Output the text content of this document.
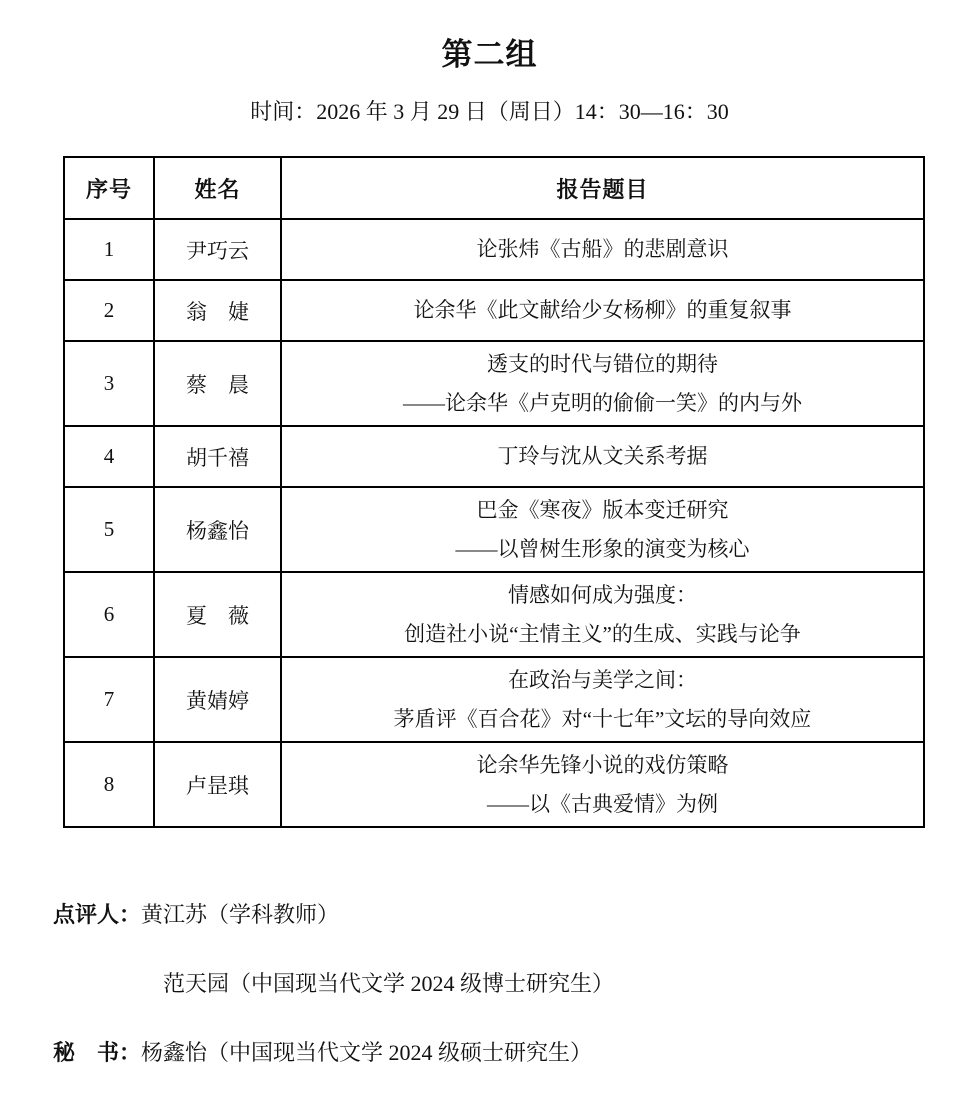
第二组
时间：2026 年 3 月 29 日（周日）14：30—16：30
序号	姓名	报告题目
1	尹巧云	论张炜《古船》的悲剧意识

2	翁　婕	论余华《此文献给少女杨柳》的重复叙事

3	蔡　晨	透支的时代与错位的期待
——论余华《卢克明的偷偷一笑》的内与外

4	胡千禧	丁玲与沈从文关系考据

5	杨鑫怡	巴金《寒夜》版本变迁研究
——以曾树生形象的演变为核心

6	夏　薇	情感如何成为强度：
创造社小说“主情主义”的生成、实践与论争

7	黄婧婷	在政治与美学之间：
茅盾评《百合花》对“十七年”文坛的导向效应

8	卢昰琪	论余华先锋小说的戏仿策略
——以《古典爱情》为例
点评人：黄江苏（学科教师）
范天园（中国现当代文学 2024 级博士研究生）
秘　书：杨鑫怡（中国现当代文学 2024 级硕士研究生）
